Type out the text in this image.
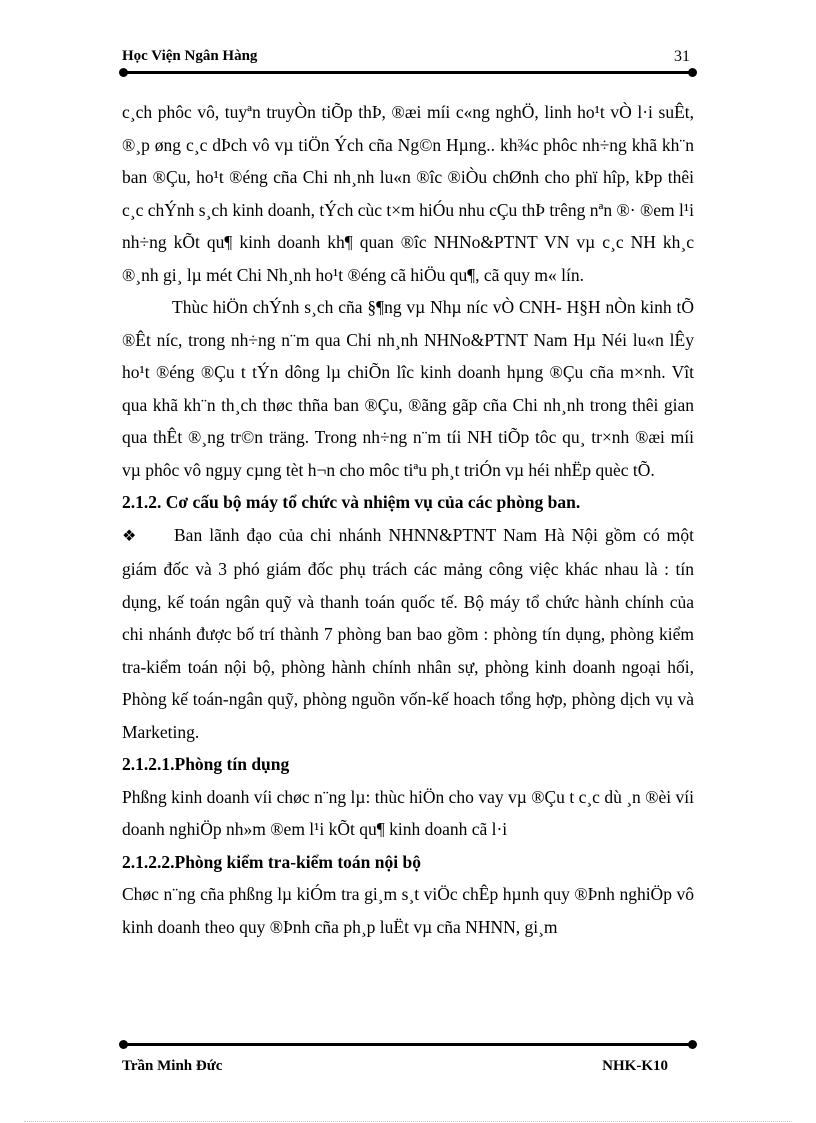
Học Viện Ngân Hàng	31

c¸ch phôc vô, tuyªn truyÒn tiÕp thÞ, ®æi míi c«ng nghÖ, linh ho¹t vÒ l·i suÊt, ®¸p øng c¸c dÞch vô vµ tiÖn Ých cña Ng©n Hµng.. kh¾c phôc nh÷ng khã kh¨n ban ®Çu, ho¹t ®éng cña Chi nh¸nh lu«n ®îc ®iÒu chØnh cho phï hîp, kÞp thêi c¸c chÝnh s¸ch kinh doanh, tÝch cùc t×m hiÓu nhu cÇu thÞ trêng nªn ®· ®em l¹i nh÷ng kÕt qu¶ kinh doanh kh¶ quan ®îc NHNo&PTNT VN vµ c¸c NH kh¸c ®¸nh gi¸ lµ mét Chi Nh¸nh ho¹t ®éng cã hiÖu qu¶, cã quy m« lín.

Thùc hiÖn chÝnh s¸ch cña §¶ng vµ Nhµ níc vÒ CNH- H§H nÒn kinh tÕ ®Êt níc, trong nh÷ng n¨m qua Chi nh¸nh NHNo&PTNT Nam Hµ Néi lu«n lÊy ho¹t ®éng ®Çu t tÝn dông lµ chiÕn lîc kinh doanh hµng ®Çu cña m×nh. Vît qua khã kh¨n th¸ch thøc thña ban ®Çu, ®ãng gãp cña Chi nh¸nh trong thêi gian qua thÊt ®¸ng tr©n träng. Trong nh÷ng n¨m tíi NH tiÕp tôc qu¸ tr×nh ®æi míi vµ phôc vô ngµy cµng tèt h¬n cho môc tiªu ph¸t triÓn vµ héi nhËp quèc tÕ.

2.1.2. Cơ cấu bộ máy tổ chức và nhiệm vụ của các phòng ban.

❖ Ban lãnh đạo của chi nhánh NHNN&PTNT Nam Hà Nội gồm có một giám đốc và 3 phó giám đốc phụ trách các mảng công việc khác nhau là : tín dụng, kế toán ngân quỹ và thanh toán quốc tế. Bộ máy tổ chức hành chính của chi nhánh được bố trí thành 7 phòng ban bao gồm : phòng tín dụng, phòng kiểm tra-kiểm toán nội bộ, phòng hành chính nhân sự, phòng kinh doanh ngoại hối, Phòng kế toán-ngân quỹ, phòng nguồn vốn-kế hoach tổng hợp, phòng dịch vụ và Marketing.

2.1.2.1.Phòng tín dụng

Phßng kinh doanh víi chøc n¨ng lµ: thùc hiÖn cho vay vµ ®Çu t c¸c dù ¸n ®èi víi doanh nghiÖp nh»m ®em l¹i kÕt qu¶ kinh doanh cã l·i

2.1.2.2.Phòng kiểm tra-kiểm toán nội bộ

Chøc n¨ng cña phßng lµ kiÓm tra gi¸m s¸t viÖc chÊp hµnh quy ®Þnh nghiÖp vô kinh doanh theo quy ®Þnh cña ph¸p luËt vµ cña NHNN, gi¸m

Trần Minh Đức	NHK-K10
